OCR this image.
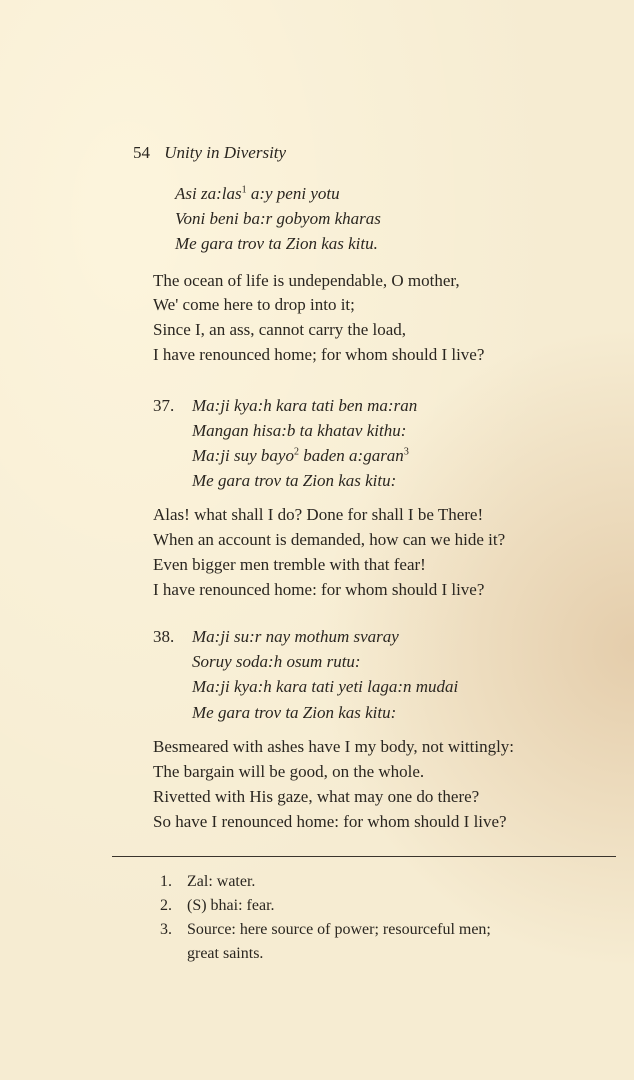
54 Unity in Diversity
Asi za:las$^1$ a:y peni yotu
Voni beni ba:r gobyom kharas
Me gara trov ta Zion kas kitu.
The ocean of life is undependable, O mother,
We' come here to drop into it;
Since I, an ass, cannot carry the load,
I have renounced home; for whom should I live?
37. Ma:ji kya:h kara tati ben ma:ran
Mangan hisa:b ta khatav kithu:
Ma:ji suy bayo$^2$ baden a:garan$^3$
Me gara trov ta Zion kas kitu:
Alas! what shall I do? Done for shall I be There!
When an account is demanded, how can we hide it?
Even bigger men tremble with that fear!
I have renounced home: for whom should I live?
38. Ma:ji su:r nay mothum svaray
Soruy soda:h osum rutu:
Ma:ji kya:h kara tati yeti laga:n mudai
Me gara trov ta Zion kas kitu:
Besmeared with ashes have I my body, not wittingly:
The bargain will be good, on the whole.
Rivetted with His gaze, what may one do there?
So have I renounced home: for whom should I live?
1. Zal: water.
2. (S) bhai: fear.
3. Source: here source of power; resourceful men;
great saints.
